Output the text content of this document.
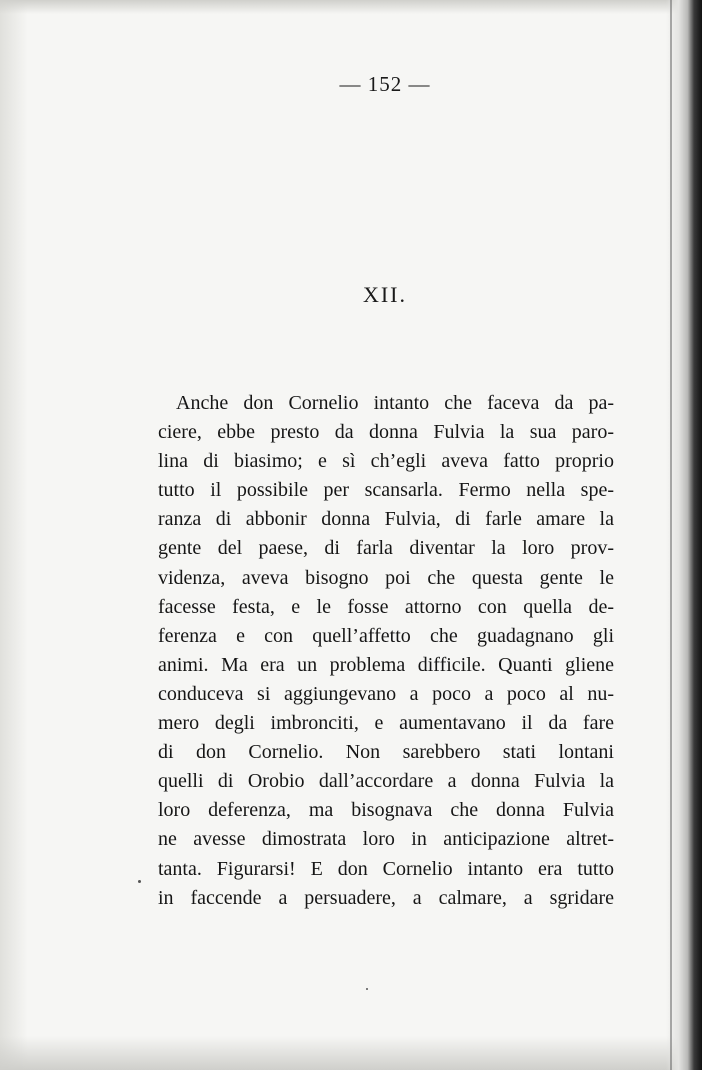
— 152 —
XII.
Anche don Cornelio intanto che faceva da pa-
ciere, ebbe presto da donna Fulvia la sua paro-
lina di biasimo; e sì ch’egli aveva fatto proprio
tutto il possibile per scansarla. Fermo nella spe-
ranza di abbonir donna Fulvia, di farle amare la
gente del paese, di farla diventar la loro prov-
videnza, aveva bisogno poi che questa gente le
facesse festa, e le fosse attorno con quella de-
ferenza e con quell’affetto che guadagnano gli
animi. Ma era un problema difficile. Quanti gliene
conduceva si aggiungevano a poco a poco al nu-
mero degli imbronciti, e aumentavano il da fare
di don Cornelio. Non sarebbero stati lontani
quelli di Orobio dall’accordare a donna Fulvia la
loro deferenza, ma bisognava che donna Fulvia
ne avesse dimostrata loro in anticipazione altret-
tanta. Figurarsi! E don Cornelio intanto era tutto
in faccende a persuadere, a calmare, a sgridare
